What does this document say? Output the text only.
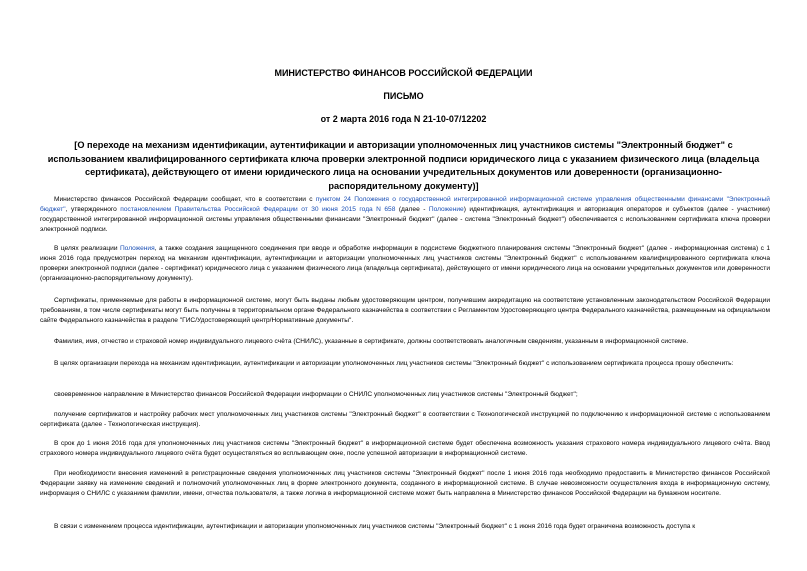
МИНИСТЕРСТВО ФИНАНСОВ РОССИЙСКОЙ ФЕДЕРАЦИИ
ПИСЬМО
от 2 марта 2016 года N 21-10-07/12202
[О переходе на механизм идентификации, аутентификации и авторизации уполномоченных лиц участников системы "Электронный бюджет" с использованием квалифицированного сертификата ключа проверки электронной подписи юридического лица с указанием физического лица (владельца сертификата), действующего от имени юридического лица на основании учредительных документов или доверенности (организационно-распорядительному документу)]

Министерство финансов Российской Федерации сообщает, что в соответствии с пунктом 24 Положения о государственной интегрированной информационной системе управления общественными финансами "Электронный бюджет", утвержденного постановлением Правительства Российской Федерации от 30 июня 2015 года N 658 (далее - Положение) идентификация, аутентификация и авторизация операторов и субъектов (далее - участники) государственной интегрированной информационной системы управления общественными финансами "Электронный бюджет" (далее - система "Электронный бюджет") обеспечивается с использованием сертификата ключа проверки электронной подписи.

В целях реализации Положения, а также создания защищенного соединения при вводе и обработке информации в подсистеме бюджетного планирования системы "Электронный бюджет" (далее - информационная система) с 1 июня 2016 года предусмотрен переход на механизм идентификации, аутентификации и авторизации уполномоченных лиц участников системы "Электронный бюджет" с использованием квалифицированного сертификата ключа проверки электронной подписи (далее - сертификат) юридического лица с указанием физического лица (владельца сертификата), действующего от имени юридического лица на основании учредительных документов или доверенности (организационно-распорядительному документу).

Сертификаты, применяемые для работы в информационной системе, могут быть выданы любым удостоверяющим центром, получившим аккредитацию на соответствие установленным законодательством Российской Федерации требованиям, в том числе сертификаты могут быть получены в территориальном органе Федерального казначейства в соответствии с Регламентом Удостоверяющего центра Федерального казначейства, размещенным на официальном сайте Федерального казначейства в разделе "ГИС/Удостоверяющий центр/Нормативные документы".

Фамилия, имя, отчество и страховой номер индивидуального лицевого счёта (СНИЛС), указанные в сертификате, должны соответствовать аналогичным сведениям, указанным в информационной системе.

В целях организации перехода на механизм идентификации, аутентификации и авторизации уполномоченных лиц участников системы "Электронный бюджет" с использованием сертификата процесса прошу обеспечить:

своевременное направление в Министерство финансов Российской Федерации информации о СНИЛС уполномоченных лиц участников системы "Электронный бюджет";

получение сертификатов и настройку рабочих мест уполномоченных лиц участников системы "Электронный бюджет" в соответствии с Технологической инструкцией по подключению к информационной системе с использованием сертификата (далее - Технологическая инструкция).

В срок до 1 июня 2016 года для уполномоченных лиц участников системы "Электронный бюджет" в информационной системе будет обеспечена возможность указания страхового номера индивидуального лицевого счёта. Ввод страхового номера индивидуального лицевого счёта будет осуществляться во всплывающем окне, после успешной авторизации в информационной системе.

При необходимости внесения изменений в регистрационные сведения уполномоченных лиц участников системы "Электронный бюджет" после 1 июня 2016 года необходимо предоставить в Министерство финансов Российской Федерации заявку на изменение сведений и полномочий уполномоченных лиц в форме электронного документа, созданного в информационной системе. В случае невозможности осуществления входа в информационную систему, информация о СНИЛС с указанием фамилии, имени, отчества пользователя, а также логина в информационной системе может быть направлена в Министерство финансов Российской Федерации на бумажном носителе.

В связи с изменением процесса идентификации, аутентификации и авторизации уполномоченных лиц участников системы "Электронный бюджет" с 1 июня 2016 года будет ограничена возможность доступа к
